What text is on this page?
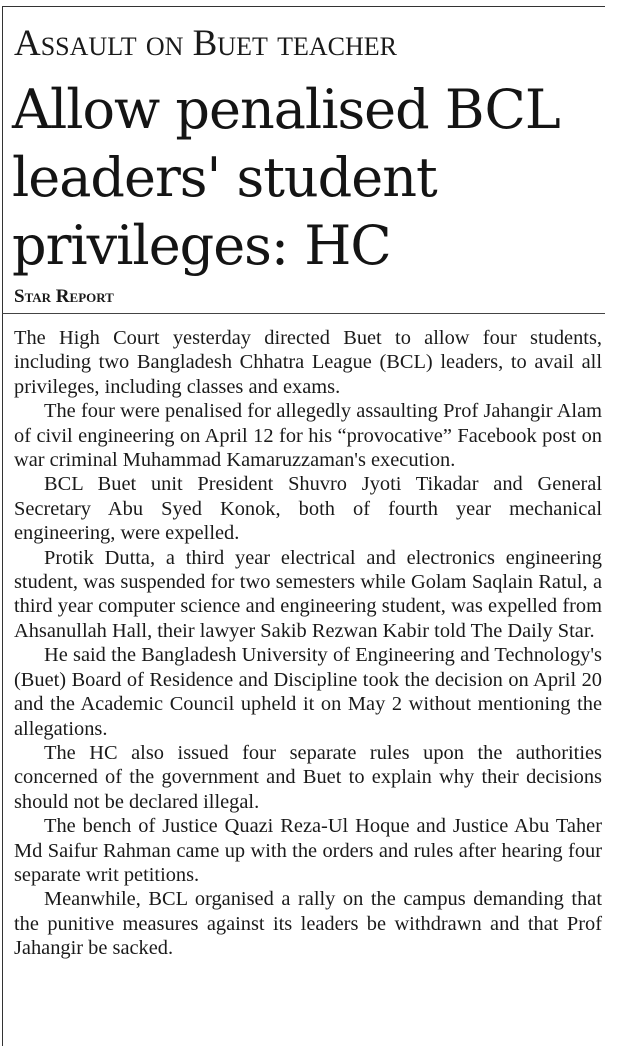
Assault on Buet teacher
Allow penalised BCL leaders' student privileges: HC
Star Report

The High Court yesterday directed Buet to allow four students, including two Bangladesh Chhatra League (BCL) leaders, to avail all privileges, including classes and exams.

The four were penalised for allegedly assaulting Prof Jahangir Alam of civil engineering on April 12 for his “provocative” Facebook post on war criminal Muhammad Kamaruzzaman's execution.

BCL Buet unit President Shuvro Jyoti Tikadar and General Secretary Abu Syed Konok, both of fourth year mechanical engineering, were expelled.

Protik Dutta, a third year electrical and electronics engineering student, was suspended for two semesters while Golam Saqlain Ratul, a third year computer science and engineering student, was expelled from Ahsanullah Hall, their lawyer Sakib Rezwan Kabir told The Daily Star.

He said the Bangladesh University of Engineering and Technology's (Buet) Board of Residence and Discipline took the decision on April 20 and the Academic Council upheld it on May 2 without mentioning the allegations.

The HC also issued four separate rules upon the authorities concerned of the government and Buet to explain why their decisions should not be declared illegal.

The bench of Justice Quazi Reza-Ul Hoque and Justice Abu Taher Md Saifur Rahman came up with the orders and rules after hearing four separate writ petitions.

Meanwhile, BCL organised a rally on the campus demanding that the punitive measures against its leaders be withdrawn and that Prof Jahangir be sacked.
